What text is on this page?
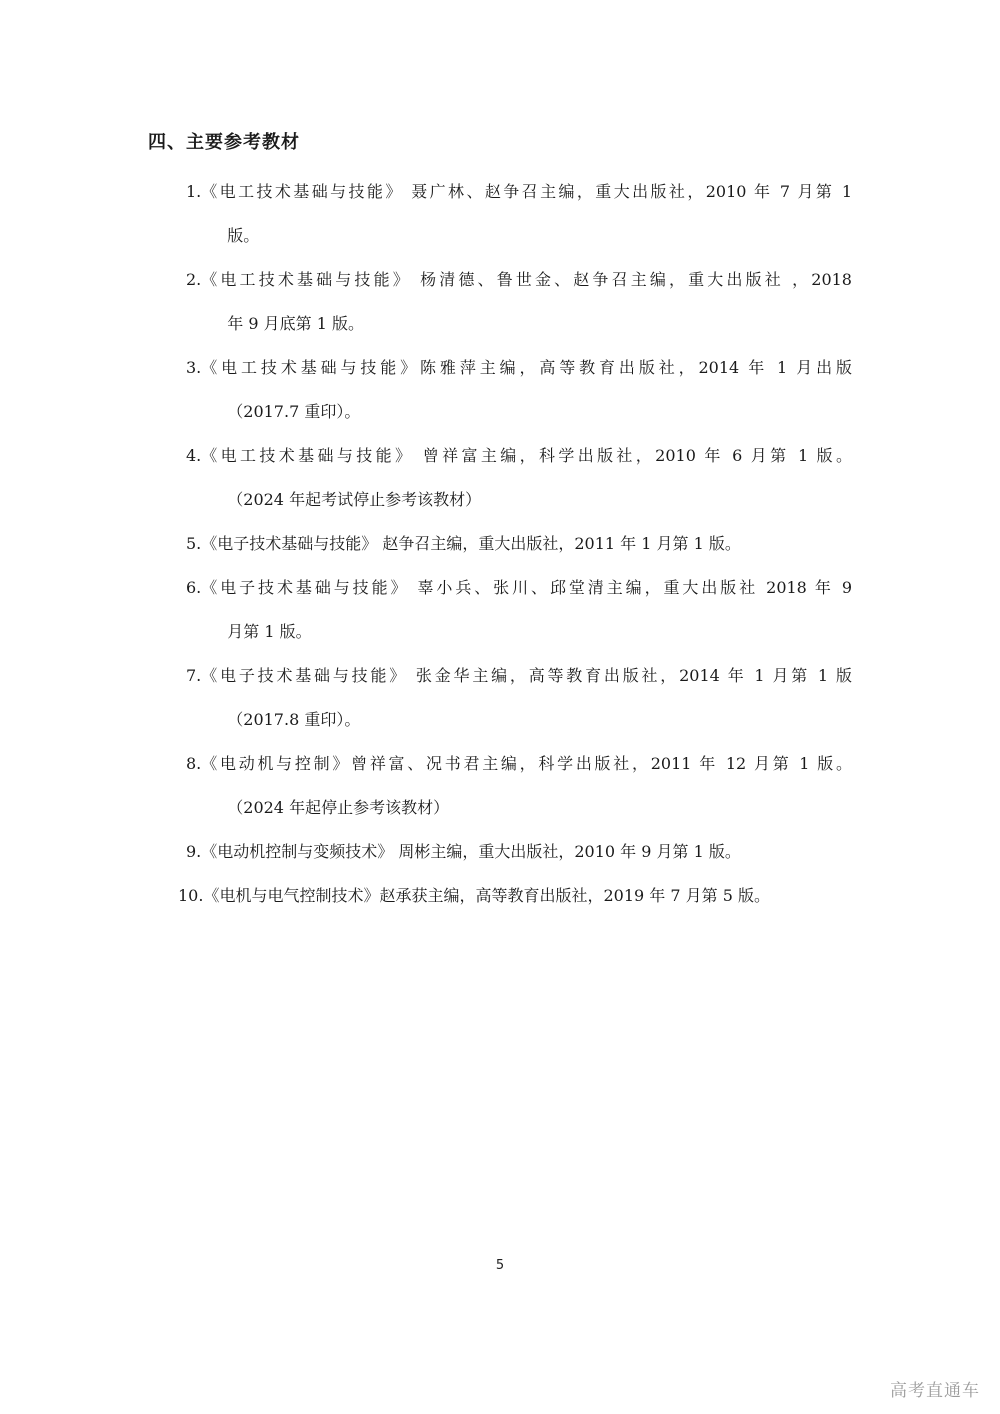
四、主要参考教材
1. 《电工技术基础与技能》 聂广林、赵争召主编，重大出版社，2010 年 7 月第 1
版。
2. 《电工技术基础与技能》 杨清德、鲁世金、赵争召主编，重大出版社 ，2018
年 9 月底第 1 版。
3. 《电工技术基础与技能》陈雅萍主编，高等教育出版社，2014 年 1 月出版
（2017.7 重印）。
4. 《电工技术基础与技能》 曾祥富主编，科学出版社，2010 年 6 月第 1 版。
（2024 年起考试停止参考该教材）
5. 《电子技术基础与技能》 赵争召主编，重大出版社，2011 年 1 月第 1 版。
6. 《电子技术基础与技能》 辜小兵、张川、邱堂清主编，重大出版社 2018 年 9
月第 1 版。
7. 《电子技术基础与技能》 张金华主编，高等教育出版社，2014 年 1 月第 1 版
（2017.8 重印）。
8. 《电动机与控制》曾祥富、况书君主编，科学出版社，2011 年 12 月第 1 版。
（2024 年起停止参考该教材）
9. 《电动机控制与变频技术》 周彬主编，重大出版社，2010 年 9 月第 1 版。
10. 《电机与电气控制技术》赵承获主编，高等教育出版社，2019 年 7 月第 5 版。
5
高考直通车
